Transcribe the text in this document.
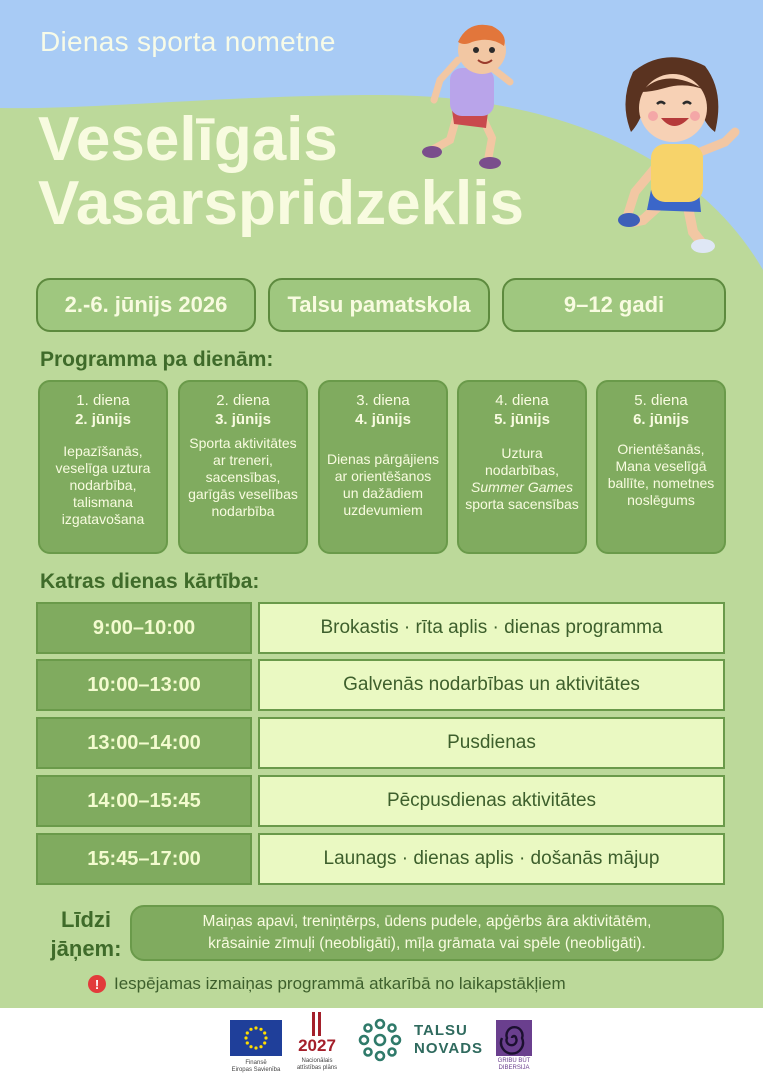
Dienas sporta nometne
Veselīgais
Vasarspridzeklis
2.-6. jūnijs 2026	Talsu pamatskola	9–12 gadi
Programma pa dienām:
1. diena
2. jūnijs
Iepazīšanās, veselīga uztura nodarbība, talismana izgatavošana
2. diena
3. jūnijs
Sporta aktivitātes ar treneri, sacensības, garīgās veselības nodarbība
3. diena
4. jūnijs
Dienas pārgājiens ar orientēšanos un dažādiem uzdevumiem
4. diena
5. jūnijs
Uztura nodarbības, Summer Games sporta sacensības
5. diena
6. jūnijs
Orientēšanās, Mana veselīgā ballīte, nometnes noslēgums
Katras dienas kārtība:
9:00–10:00	Brokastis · rīta aplis · dienas programma
10:00–13:00	Galvenās nodarbības un aktivitātes
13:00–14:00	Pusdienas
14:00–15:45	Pēcpusdienas aktivitātes
15:45–17:00	Launags · dienas aplis · došanās mājup
Līdzi
jāņem:
Maiņas apavi, treniņtērps, ūdens pudele, apģērbs āra aktivitātēm,
krāsainie zīmuļi (neobligāti), mīļa grāmata vai spēle (neobligāti).
! Iespējamas izmaiņas programmā atkarībā no laikapstākļiem
Finansē
Eiropas Savienība
2027
Nacionālais
attīstības plāns
TALSU
NOVADS
GRIBU BŪT
DIBERSIJA
